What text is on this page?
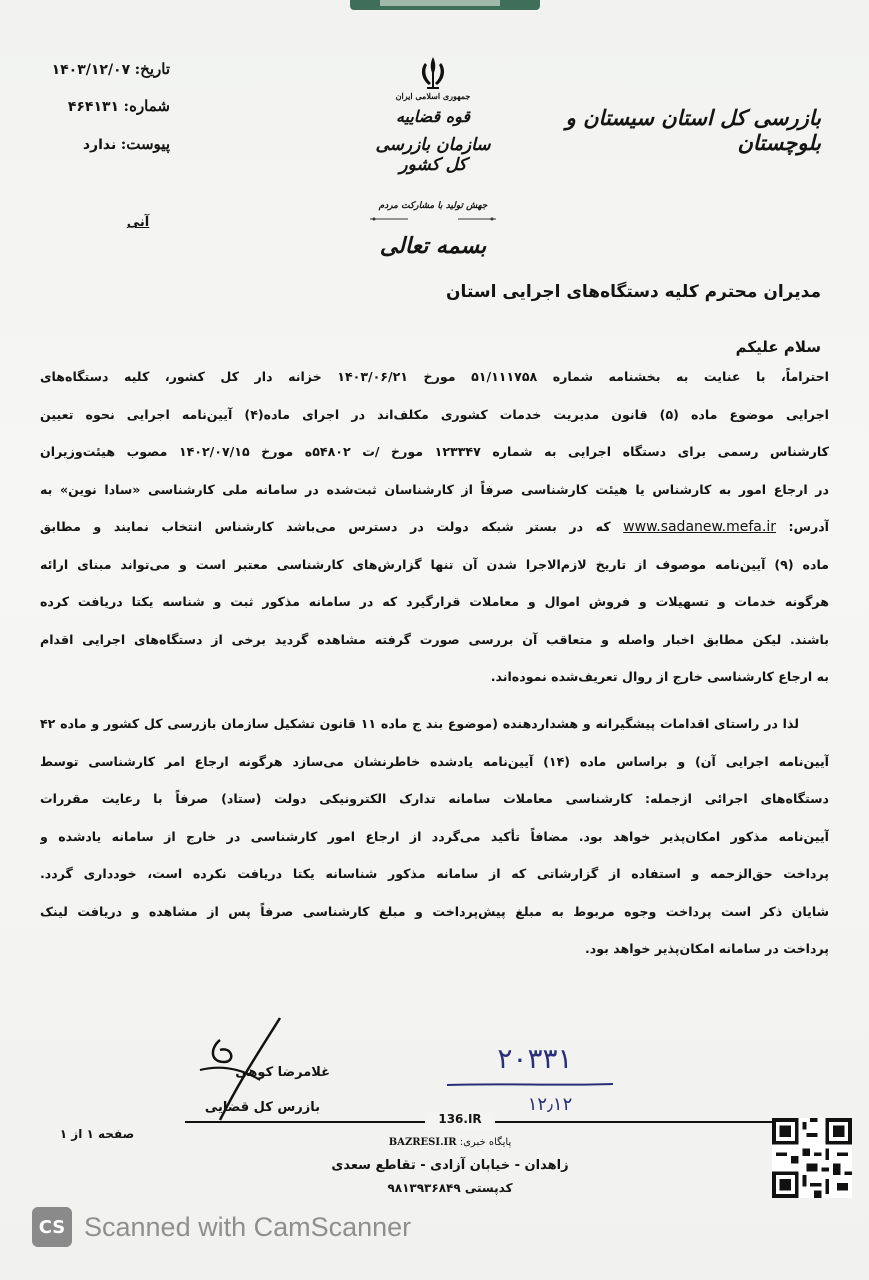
تاریخ: ۱۴۰۳/۱۲/۰۷
شماره: ۴۶۴۱۳۱
پیوست: ندارد
آنی
جمهوری اسلامی ایران
قوه قضاییه
سازمان بازرسی کل کشور
جهش تولید با مشارکت مردم
بسمه تعالی
بازرسی کل استان سیستان و بلوچستان
مدیران محترم کلیه دستگاه‌های اجرایی استان
سلام علیکم
احتراماً، با عنایت به بخشنامه شماره ۵۱/۱۱۱۷۵۸ مورخ ۱۴۰۳/۰۶/۲۱ خزانه دار کل کشور، کلیه دستگاه‌های
اجرایی موضوع ماده (۵) قانون مدیریت خدمات کشوری مکلف‌اند در اجرای ماده(۴) آیین‌نامه اجرایی نحوه تعیین
کارشناس رسمی برای دستگاه اجرایی به شماره ۱۲۳۳۴۷ مورخ /ت ۵۴۸۰۲ه مورخ ۱۴۰۲/۰۷/۱۵ مصوب هیئت‌وزیران
در ارجاع امور به کارشناس یا هیئت کارشناسی صرفاً از کارشناسان ثبت‌شده در سامانه ملی کارشناسی «سادا نوین» به
آدرس: www.sadanew.mefa.ir که در بستر شبکه دولت در دسترس می‌باشد کارشناس انتخاب نمایند و مطابق
ماده (۹) آیین‌نامه موصوف از تاریخ لازم‌الاجرا شدن آن تنها گزارش‌های کارشناسی معتبر است و می‌تواند مبنای ارائه
هرگونه خدمات و تسهیلات و فروش اموال و معاملات قرارگیرد که در سامانه مذکور ثبت و شناسه یکتا دریافت کرده
باشند. لیکن مطابق اخبار واصله و متعاقب آن بررسی صورت گرفته مشاهده گردید برخی از دستگاه‌های اجرایی اقدام
به ارجاع کارشناسی خارج از روال تعریف‌شده نموده‌اند.
لذا در راستای اقدامات پیشگیرانه و هشداردهنده (موضوع بند ج ماده ۱۱ قانون تشکیل سازمان بازرسی کل کشور و ماده ۴۲
آیین‌نامه اجرایی آن) و براساس ماده (۱۴) آیین‌نامه یادشده خاطرنشان می‌سازد هرگونه ارجاع امر کارشناسی توسط
دستگاه‌های اجرائی ازجمله: کارشناسی معاملات سامانه تدارک الکترونیکی دولت (ستاد) صرفاً با رعایت مقررات
آیین‌نامه مذکور امکان‌پذیر خواهد بود. مضافاً تأکید می‌گردد از ارجاع امور کارشناسی در خارج از سامانه یادشده و
پرداخت حق‌الزحمه و استفاده از گزارشاتی که از سامانه مذکور شناسانه یکتا دریافت نکرده است، خودداری گردد.
شایان ذکر است پرداخت وجوه مربوط به مبلغ پیش‌پرداخت و مبلغ کارشناسی صرفاً پس از مشاهده و دریافت لینک
پرداخت در سامانه امکان‌پذیر خواهد بود.
غلامرضا کوهی
بازرس کل قضایی
۲۰۳۳۱
۱۲٫۱۲
136.IR
پایگاه خبری: BAZRESI.IR
زاهدان - خیابان آزادی - تقاطع سعدی
کدپستی ۹۸۱۳۹۳۶۸۴۹
صفحه ۱ از ۱
CS Scanned with CamScanner
